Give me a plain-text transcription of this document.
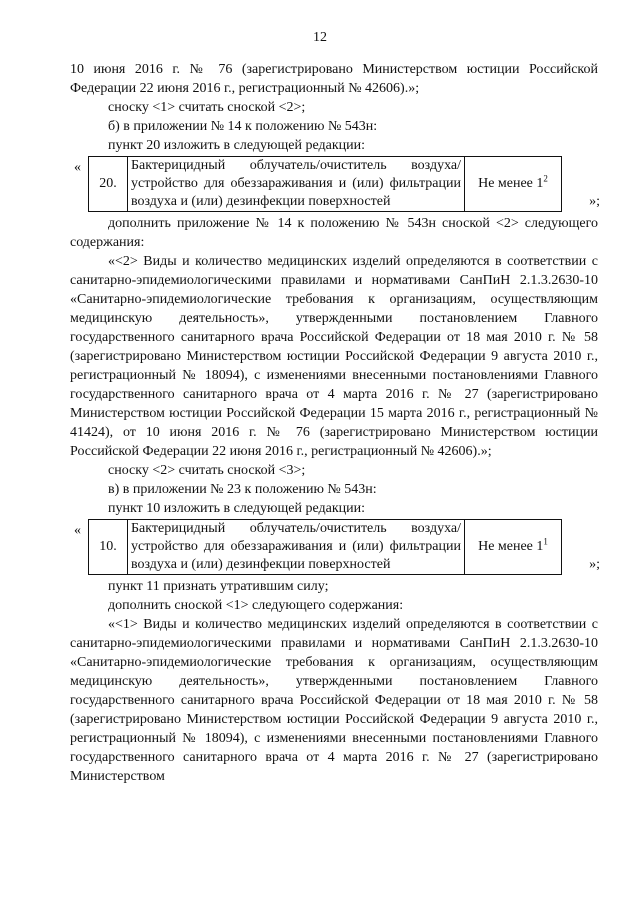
12

10 июня 2016 г. № 76 (зарегистрировано Министерством юстиции Российской Федерации 22 июня 2016 г., регистрационный № 42606).»;

сноску <1> считать сноской <2>;

б) в приложении № 14 к положению № 543н:

пункт 20 изложить в следующей редакции:

«
20.	Бактерицидный облучатель/очиститель воздуха/устройство для обеззараживания и (или) фильтрации воздуха и (или) дезинфекции поверхностей	Не менее $1^2$
»;

дополнить приложение № 14 к положению № 543н сноской <2> следующего содержания:

«<2> Виды и количество медицинских изделий определяются в соответствии с санитарно-эпидемиологическими правилами и нормативами СанПиН 2.1.3.2630-10 «Санитарно-эпидемиологические требования к организациям, осуществляющим медицинскую деятельность», утвержденными постановлением Главного государственного санитарного врача Российской Федерации от 18 мая 2010 г. № 58 (зарегистрировано Министерством юстиции Российской Федерации 9 августа 2010 г., регистрационный № 18094), с изменениями внесенными постановлениями Главного государственного санитарного врача от 4 марта 2016 г. № 27 (зарегистрировано Министерством юстиции Российской Федерации 15 марта 2016 г., регистрационный № 41424), от 10 июня 2016 г. № 76 (зарегистрировано Министерством юстиции Российской Федерации 22 июня 2016 г., регистрационный № 42606).»;

сноску <2> считать сноской <3>;

в) в приложении № 23 к положению № 543н:

пункт 10 изложить в следующей редакции:

«
10.	Бактерицидный облучатель/очиститель воздуха/устройство для обеззараживания и (или) фильтрации воздуха и (или) дезинфекции поверхностей	Не менее $1^1$
»;

пункт 11 признать утратившим силу;

дополнить сноской <1> следующего содержания:

«<1> Виды и количество медицинских изделий определяются в соответствии с санитарно-эпидемиологическими правилами и нормативами СанПиН 2.1.3.2630-10 «Санитарно-эпидемиологические требования к организациям, осуществляющим медицинскую деятельность», утвержденными постановлением Главного государственного санитарного врача Российской Федерации от 18 мая 2010 г. № 58 (зарегистрировано Министерством юстиции Российской Федерации 9 августа 2010 г., регистрационный № 18094), с изменениями внесенными постановлениями Главного государственного санитарного врача от 4 марта 2016 г. № 27 (зарегистрировано Министерством
